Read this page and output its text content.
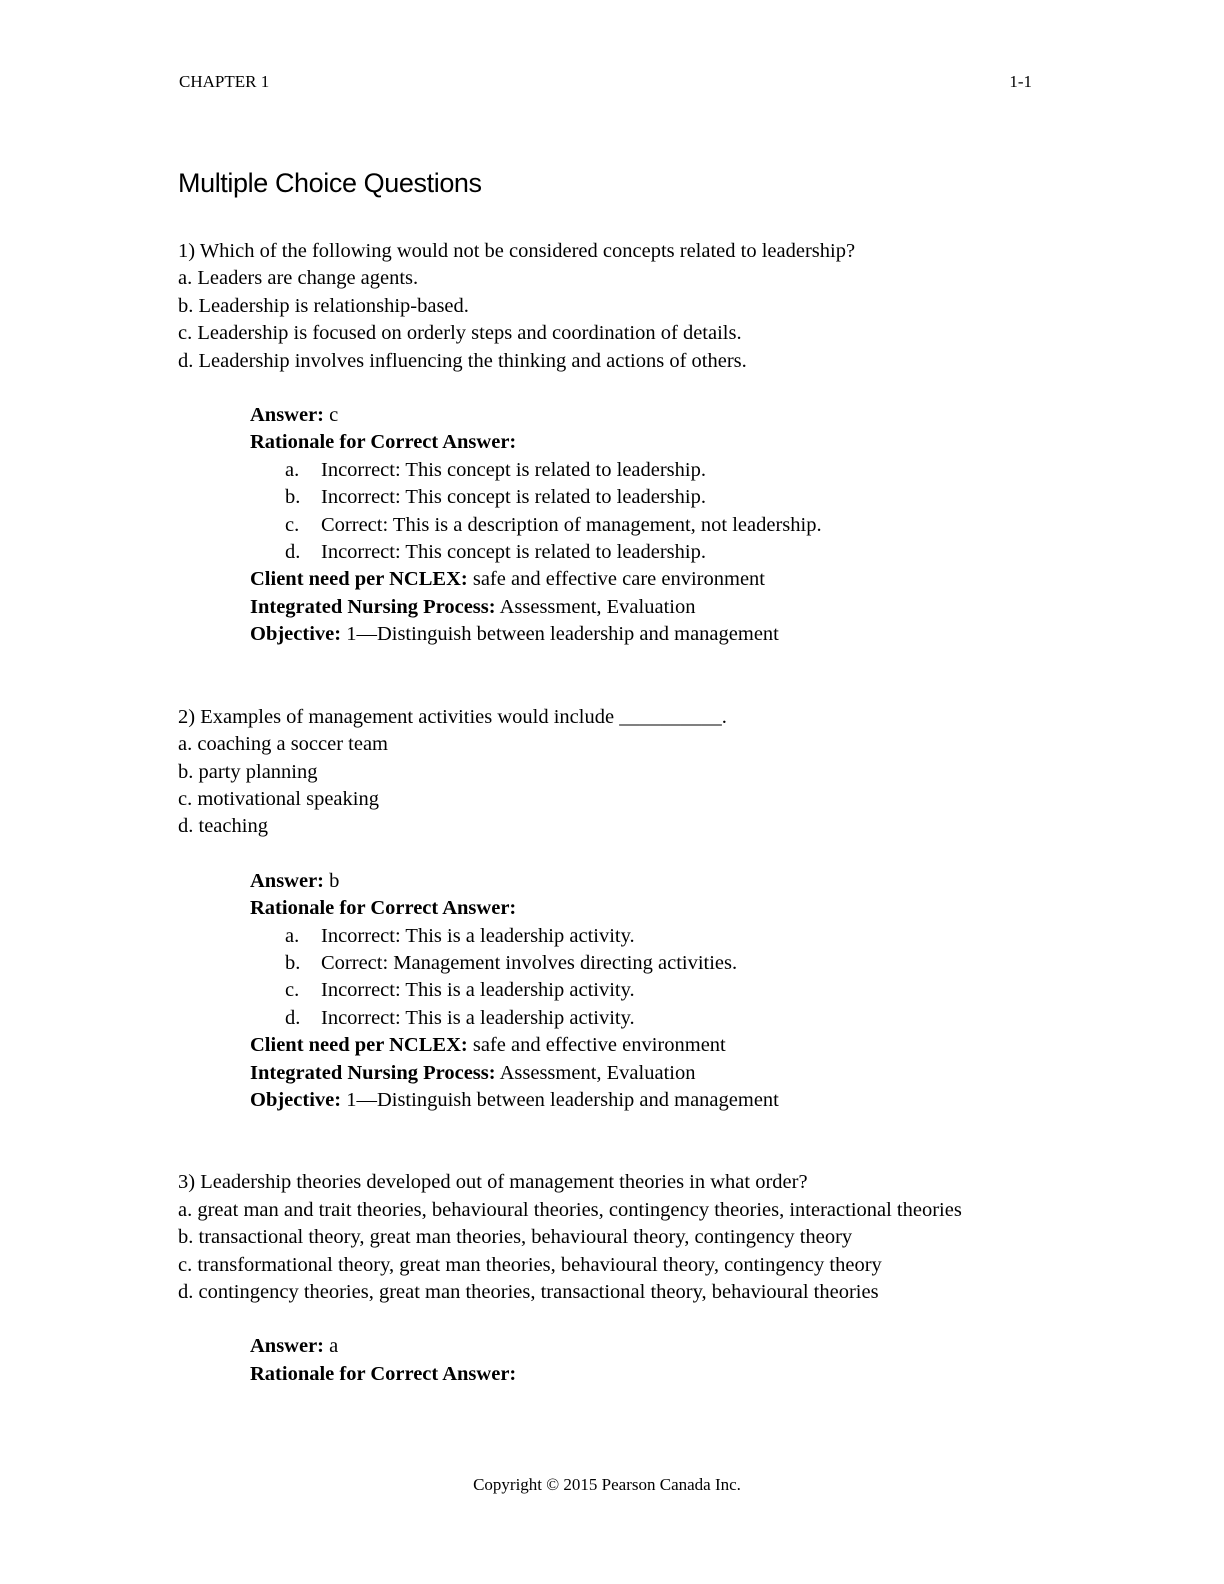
CHAPTER 1	1-1
Multiple Choice Questions

1) Which of the following would not be considered concepts related to leadership?

a. Leaders are change agents.

b. Leadership is relationship-based.

c. Leadership is focused on orderly steps and coordination of details.

d. Leadership involves influencing the thinking and actions of others.

Answer: c

Rationale for Correct Answer:

a.	Incorrect: This concept is related to leadership.
b.	Incorrect: This concept is related to leadership.
c.	Correct: This is a description of management, not leadership.
d.	Incorrect: This concept is related to leadership.

Client need per NCLEX: safe and effective care environment

Integrated Nursing Process: Assessment, Evaluation

Objective: 1—Distinguish between leadership and management

2) Examples of management activities would include __________.

a. coaching a soccer team

b. party planning

c. motivational speaking

d. teaching

Answer: b

Rationale for Correct Answer:

a.	Incorrect: This is a leadership activity.
b.	Correct: Management involves directing activities.
c.	Incorrect: This is a leadership activity.
d.	Incorrect: This is a leadership activity.

Client need per NCLEX: safe and effective environment

Integrated Nursing Process: Assessment, Evaluation

Objective: 1—Distinguish between leadership and management

3) Leadership theories developed out of management theories in what order?

a. great man and trait theories, behavioural theories, contingency theories, interactional theories

b. transactional theory, great man theories, behavioural theory, contingency theory

c. transformational theory, great man theories, behavioural theory, contingency theory

d. contingency theories, great man theories, transactional theory, behavioural theories

Answer: a

Rationale for Correct Answer:

Copyright © 2015 Pearson Canada Inc.
